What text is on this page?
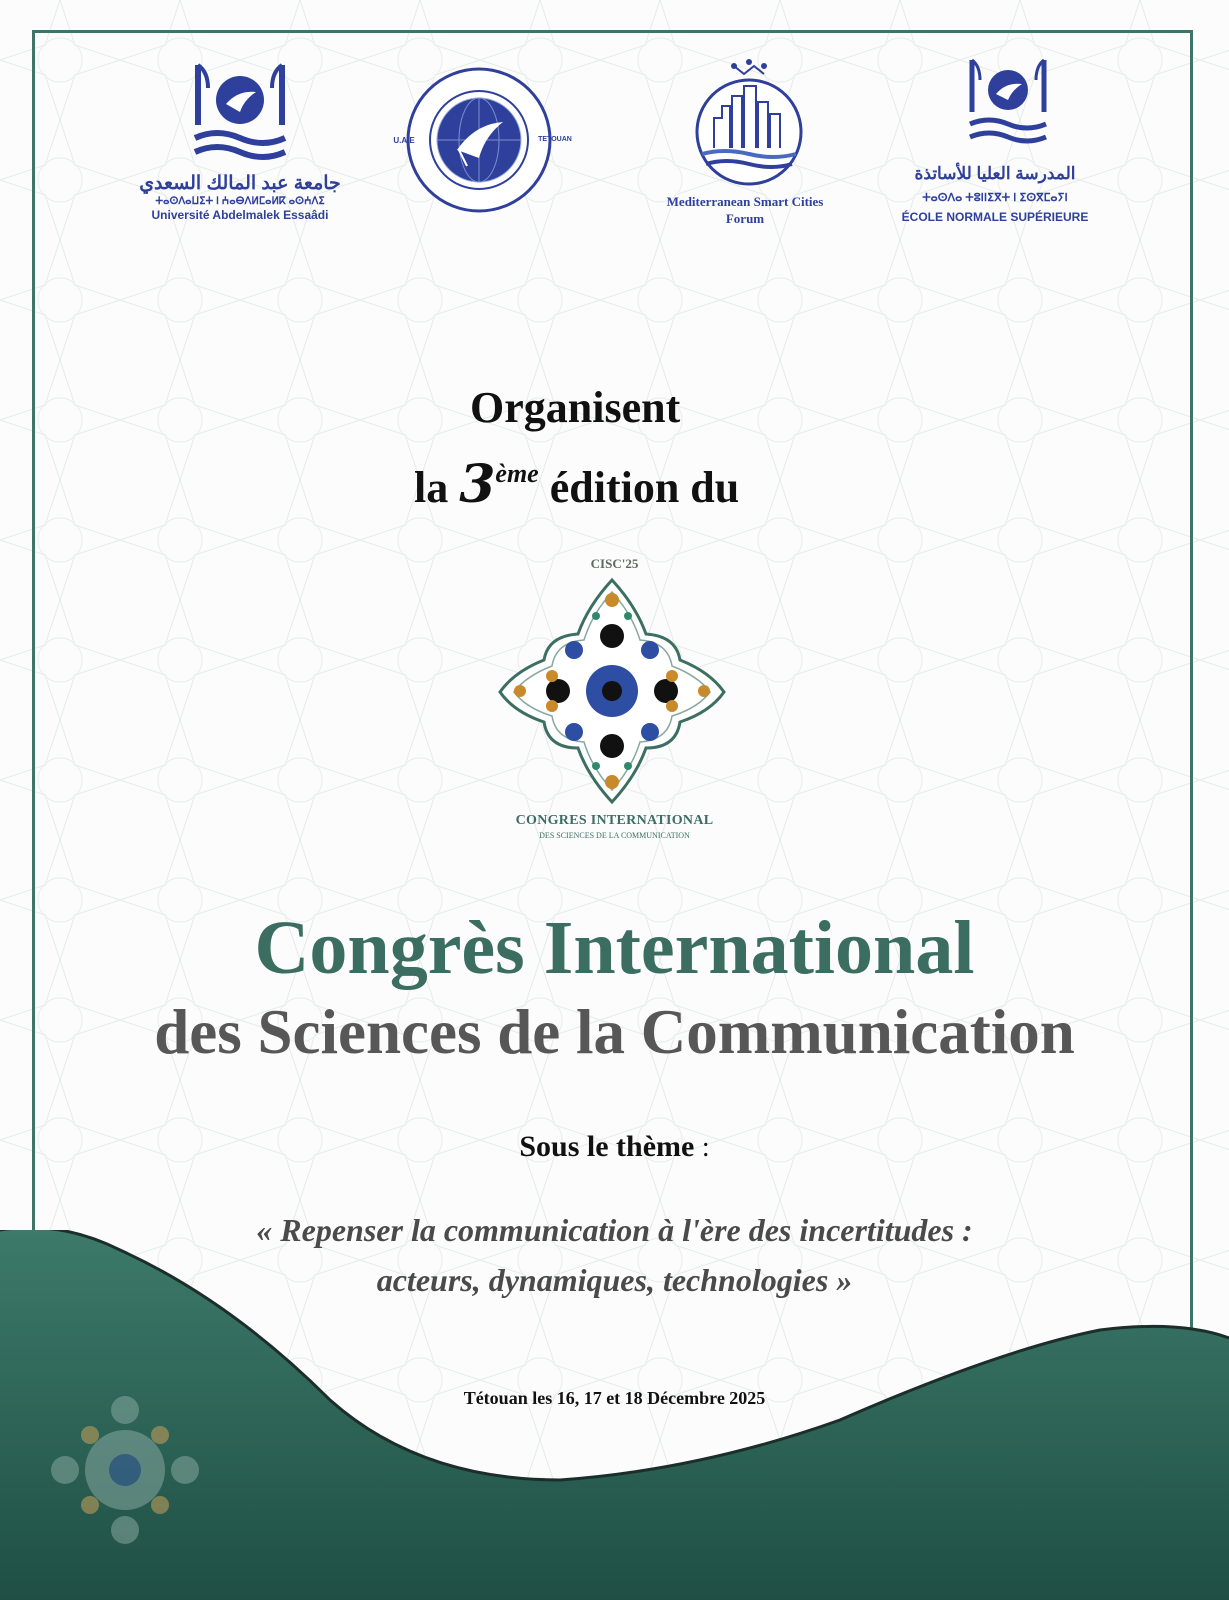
جامعة عبد المالك السعدي
ⵜⴰⵙⴷⴰⵡⵉⵜ ⵏ ⵄⴰⴱⴷⵍⵎⴰⵍⴽ ⴰⵙⵄⴷⵉ
Université Abdelmalek Essaâdi
U.A.E	TETOUAN
Mediterranean Smart Cities
Forum
المدرسة العليا للأساتذة
ⵜⴰⵙⴷⴰ ⵜⵓⵏⵏⵉⴳⵜ ⵏ ⵉⵙⴳⵎⴰⵢⵏ
ÉCOLE NORMALE SUPÉRIEURE
Organisent
la 3ème édition du
CISC'25
CONGRES INTERNATIONAL
DES SCIENCES DE LA COMMUNICATION
Congrès International
des Sciences de la Communication
Sous le thème :
« Repenser la communication à l'ère des incertitudes :
acteurs, dynamiques, technologies »
Tétouan les 16, 17 et 18 Décembre 2025
